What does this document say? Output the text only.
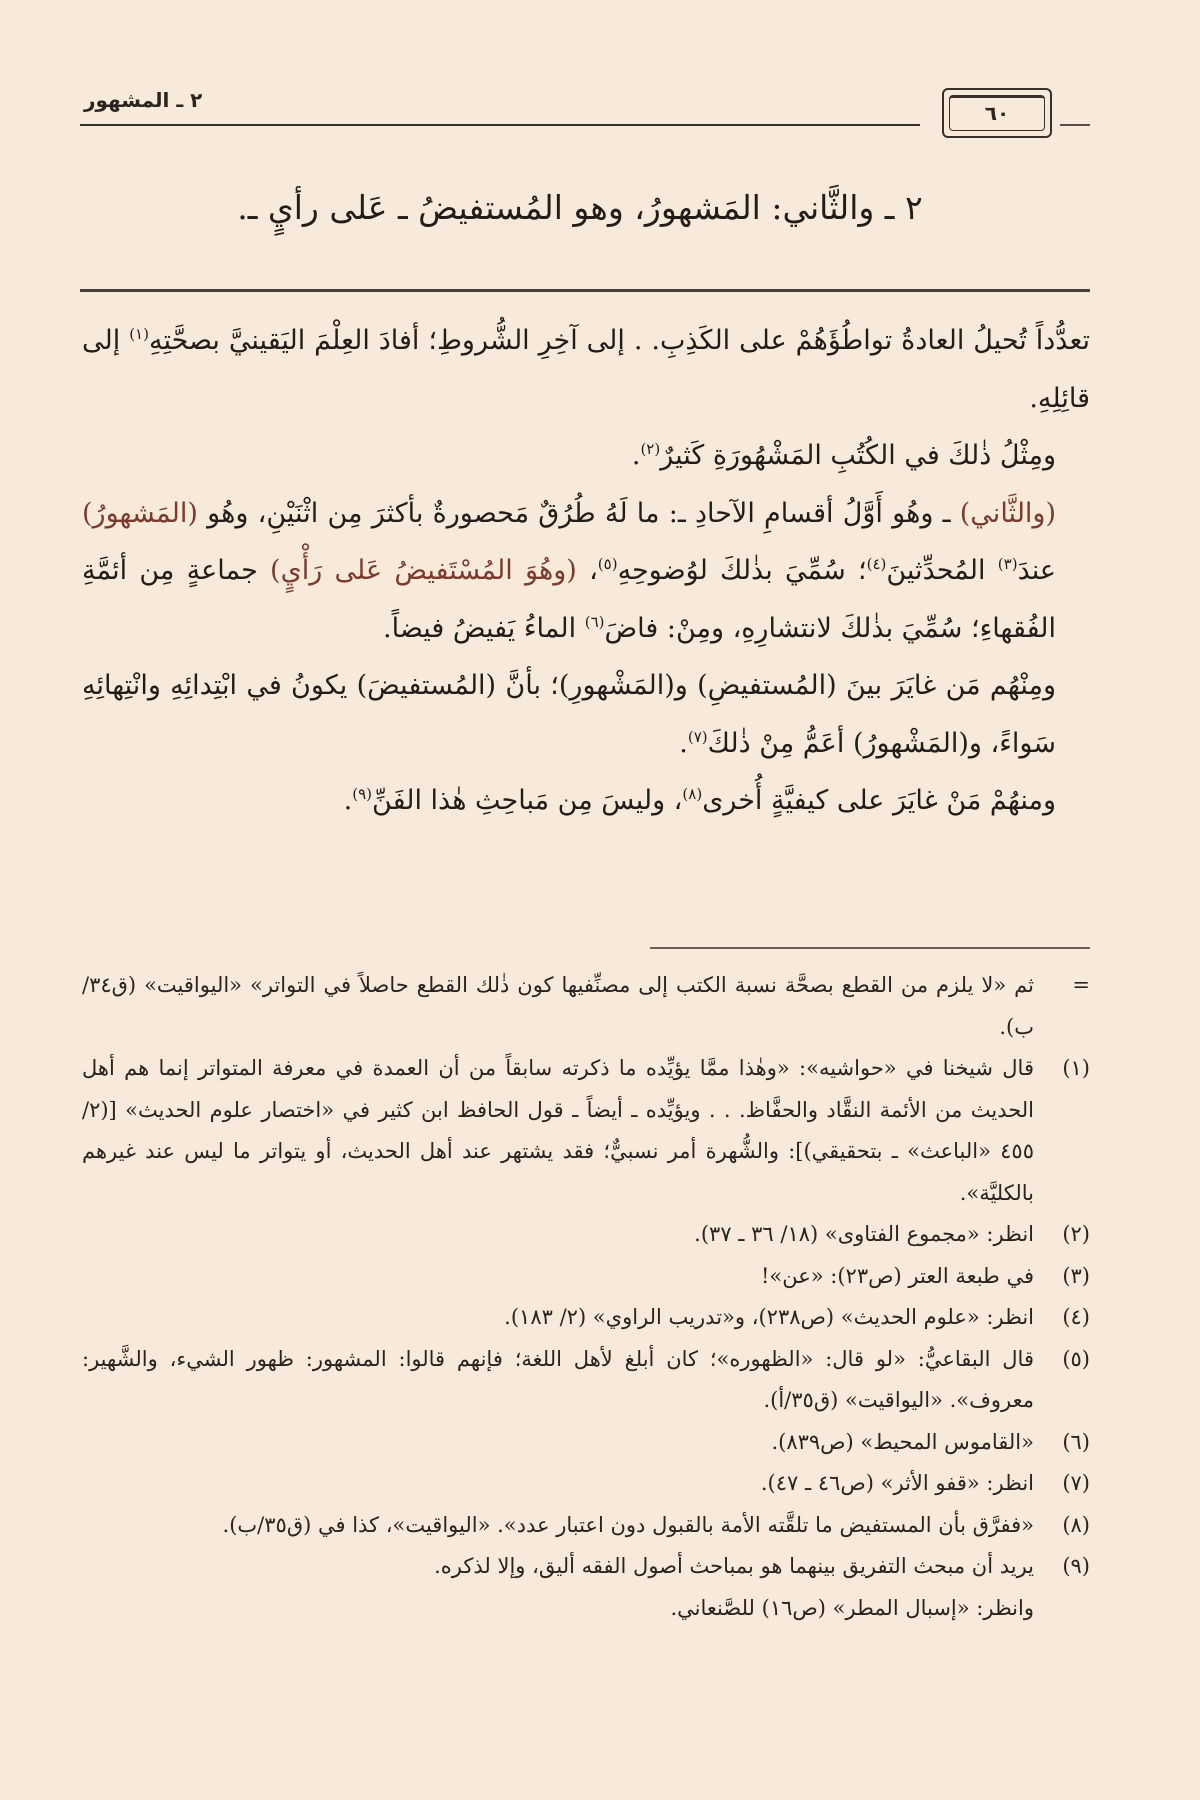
٦٠
٢ ـ المشهور
٢ ـ والثَّاني: المَشهورُ، وهو المُستفيضُ ـ عَلى رأيٍ ـ.

تعدُّداً تُحيلُ العادةُ تواطُؤَهُمْ على الكَذِبِ. . إلى آخِرِ الشُّروطِ؛ أفادَ العِلْمَ اليَقينيَّ بصحَّتِهِ$^{(١)}$ إلى قائِلِهِ.

ومِثْلُ ذٰلكَ في الكُتُبِ المَشْهُورَةِ كَثيرٌ$^{(٢)}$.

(والثَّاني) ـ وهُو أَوَّلُ أقسامِ الآحادِ ـ: ما لَهُ طُرُقٌ مَحصورةٌ بأكثرَ مِن اثْنَيْنِ، وهُو (المَشهورُ) عندَ$^{(٣)}$ المُحدِّثينَ$^{(٤)}$؛ سُمِّيَ بذٰلكَ لوُضوحِهِ$^{(٥)}$، (وهُوَ المُسْتَفيضُ عَلى رَأْيٍ) جماعةٍ مِن أئمَّةِ الفُقهاءِ؛ سُمِّيَ بذٰلكَ لانتشارِهِ، ومِنْ: فاضَ$^{(٦)}$ الماءُ يَفيضُ فيضاً.

ومِنْهُم مَن غايَرَ بينَ (المُستفيضِ) و(المَشْهورِ)؛ بأنَّ (المُستفيضَ) يكونُ في ابْتِدائِهِ وانْتِهائِهِ سَواءً، و(المَشْهورُ) أعَمُّ مِنْ ذٰلكَ$^{(٧)}$.

ومنهُمْ مَنْ غايَرَ على كيفيَّةٍ أُخرى$^{(٨)}$، وليسَ مِن مَباحِثِ هٰذا الفَنِّ$^{(٩)}$.

=
ثم «لا يلزم من القطع بصحَّة نسبة الكتب إلى مصنِّفيها كون ذٰلك القطع حاصلاً في التواتر» «اليواقيت» (ق٣٤/ب).
(١)
قال شيخنا في «حواشيه»: «وهٰذا ممَّا يؤيِّده ما ذكرته سابقاً من أن العمدة في معرفة المتواتر إنما هم أهل الحديث من الأئمة النقَّاد والحفَّاظ. . . ويؤيِّده ـ أيضاً ـ قول الحافظ ابن كثير في «اختصار علوم الحديث» [(٢/ ٤٥٥ «الباعث» ـ بتحقيقي)]: والشُّهرة أمر نسبيٌّ؛ فقد يشتهر عند أهل الحديث، أو يتواتر ما ليس عند غيرهم بالكليَّة».
(٢)
انظر: «مجموع الفتاوى» (١٨/ ٣٦ ـ ٣٧).
(٣)
في طبعة العتر (ص٢٣): «عن»!
(٤)
انظر: «علوم الحديث» (ص٢٣٨)، و«تدريب الراوي» (٢/ ١٨٣).
(٥)
قال البقاعيُّ: «لو قال: «الظهوره»؛ كان أبلغ لأهل اللغة؛ فإنهم قالوا: المشهور: ظهور الشيء، والشَّهير: معروف». «اليواقيت» (ق٣٥/أ).
(٦)
«القاموس المحيط» (ص٨٣٩).
(٧)
انظر: «قفو الأثر» (ص٤٦ ـ ٤٧).
(٨)
«ففرَّق بأن المستفيض ما تلقَّته الأمة بالقبول دون اعتبار عدد». «اليواقيت»، كذا في (ق٣٥/ب).
(٩)
يريد أن مبحث التفريق بينهما هو بمباحث أصول الفقه أليق، وإلا لذكره.
وانظر: «إسبال المطر» (ص١٦) للصَّنعاني.
